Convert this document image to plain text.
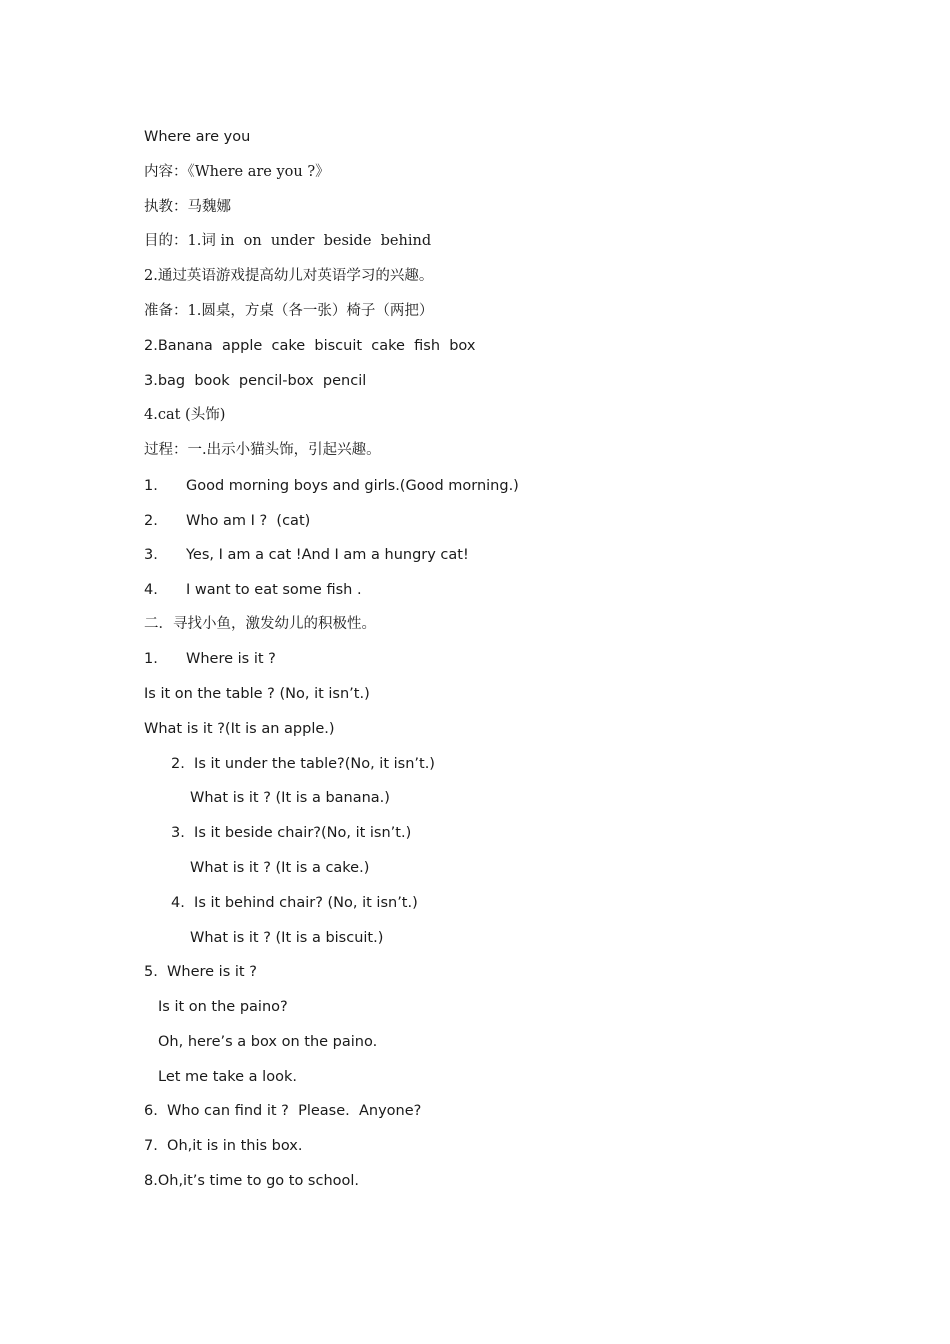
Where are you
内容：《Where are you ?》
执教：马魏娜
目的：1.词 in  on  under  beside  behind
2.通过英语游戏提高幼儿对英语学习的兴趣。
准备：1.圆桌，方桌（各一张）椅子（两把）
2.Banana  apple  cake  biscuit  cake  fish  box
3.bag  book  pencil-box  pencil
4.cat (头饰)
过程：一.出示小猫头饰，引起兴趣。
1. Good morning boys and girls.(Good morning.)
2. Who am I ?  (cat)
3. Yes, I am a cat !And I am a hungry cat!
4. I want to eat some fish .
二．寻找小鱼，激发幼儿的积极性。
1. Where is it ?
Is it on the table ? (No, it isn’t.)
What is it ?(It is an apple.)
2.  Is it under the table?(No, it isn’t.)
What is it ? (It is a banana.)
3.  Is it beside chair?(No, it isn’t.)
What is it ? (It is a cake.)
4.  Is it behind chair? (No, it isn’t.)
What is it ? (It is a biscuit.)
5.  Where is it ?
Is it on the paino?
Oh, here’s a box on the paino.
Let me take a look.
6.  Who can find it ?  Please.  Anyone?
7.  Oh,it is in this box.
8.Oh,it’s time to go to school.
